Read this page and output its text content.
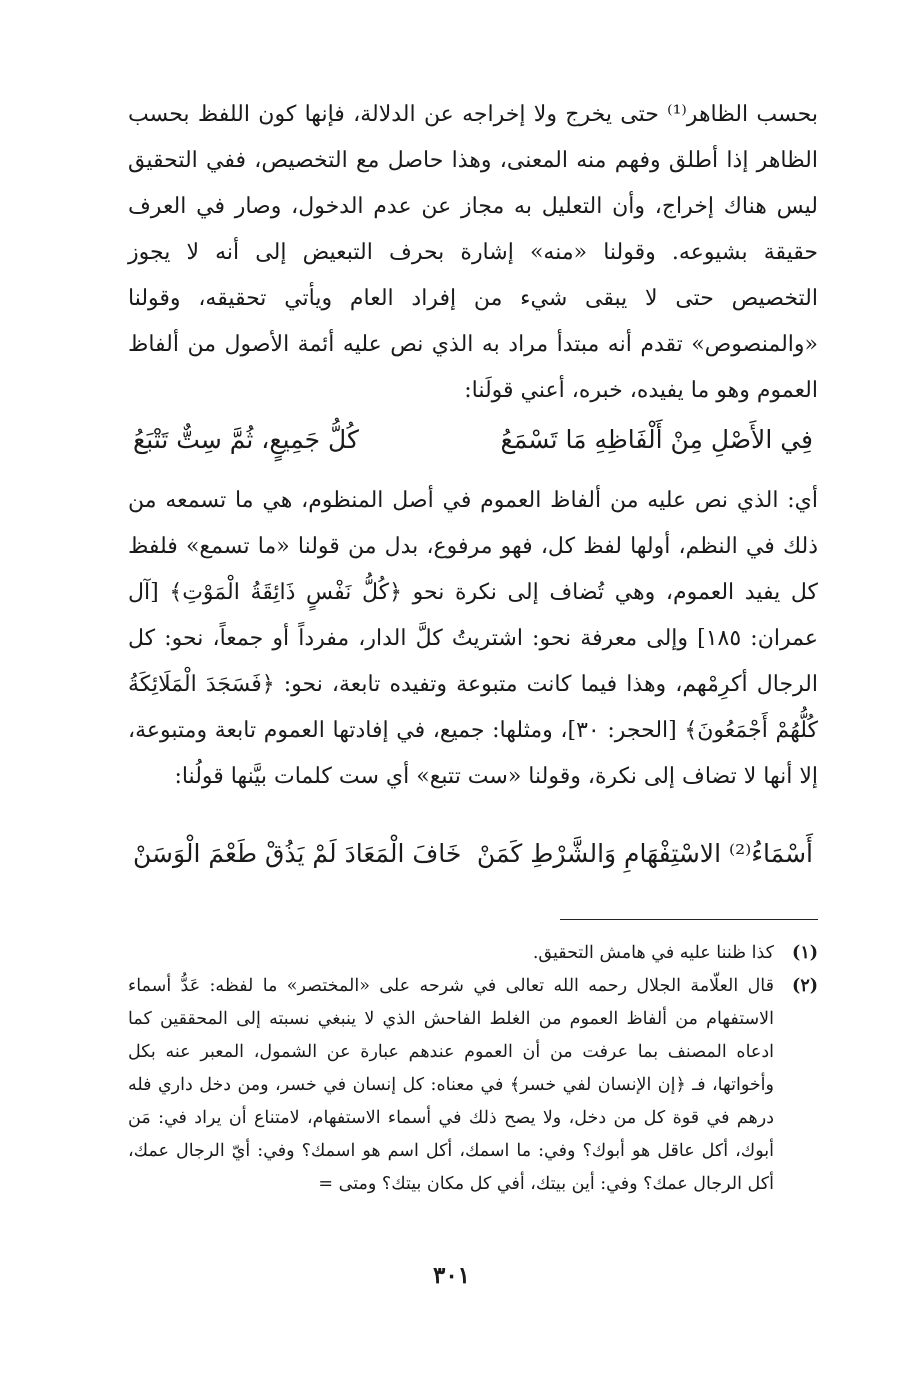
بحسب الظاهر⁽¹⁾ حتى يخرج ولا إخراجه عن الدلالة، فإنها كون اللفظ بحسب الظاهر إذا أطلق وفهم منه المعنى، وهذا حاصل مع التخصيص، ففي التحقيق ليس هناك إخراج، وأن التعليل به مجاز عن عدم الدخول، وصار في العرف حقيقة بشيوعه. وقولنا «منه» إشارة بحرف التبعيض إلى أنه لا يجوز التخصيص حتى لا يبقى شيء من إفراد العام ويأتي تحقيقه، وقولنا «والمنصوص» تقدم أنه مبتدأ مراد به الذي نص عليه أئمة الأصول من ألفاظ العموم وهو ما يفيده، خبره، أعني قولَنا:

فِي الأَصْلِ مِنْ أَلْفَاظِهِ مَا تَسْمَعُ
كُلُّ جَمِيعٍ، ثُمَّ سِتٌّ تَتْبَعُ

أي: الذي نص عليه من ألفاظ العموم في أصل المنظوم، هي ما تسمعه من ذلك في النظم، أولها لفظ كل، فهو مرفوع، بدل من قولنا «ما تسمع» فلفظ كل يفيد العموم، وهي تُضاف إلى نكرة نحو ﴿كُلُّ نَفْسٍ ذَائِقَةُ الْمَوْتِ﴾ [آل عمران: ١٨٥] وإلى معرفة نحو: اشتريتُ كلَّ الدار، مفرداً أو جمعاً، نحو: كل الرجال أكرِمْهم، وهذا فيما كانت متبوعة وتفيده تابعة، نحو: ﴿فَسَجَدَ الْمَلَائِكَةُ كُلُّهُمْ أَجْمَعُونَ﴾ [الحجر: ٣٠]، ومثلها: جميع، في إفادتها العموم تابعة ومتبوعة، إلا أنها لا تضاف إلى نكرة، وقولنا «ست تتبع» أي ست كلمات بيَّنها قولُنا:

أَسْمَاءُ⁽²⁾ الاسْتِفْهَامِ وَالشَّرْطِ كَمَنْ
خَافَ الْمَعَادَ لَمْ يَذُقْ طَعْمَ الْوَسَنْ
(١)
كذا ظننا عليه في هامش التحقيق.
(٢)
قال العلّامة الجلال رحمه الله تعالى في شرحه على «المختصر» ما لفظه: عَدُّ أسماء الاستفهام من ألفاظ العموم من الغلط الفاحش الذي لا ينبغي نسبته إلى المحققين كما ادعاه المصنف بما عرفت من أن العموم عندهم عبارة عن الشمول، المعبر عنه بكل وأخواتها، فـ ﴿إن الإنسان لفي خسر﴾ في معناه: كل إنسان في خسر، ومن دخل داري فله درهم في قوة كل من دخل، ولا يصح ذلك في أسماء الاستفهام، لامتناع أن يراد في: مَن أبوك، أكل عاقل هو أبوك؟ وفي: ما اسمك، أكل اسم هو اسمك؟ وفي: أيّ الرجال عمك، أكل الرجال عمك؟ وفي: أين بيتك، أفي كل مكان بيتك؟ ومتى =
٣٠١
